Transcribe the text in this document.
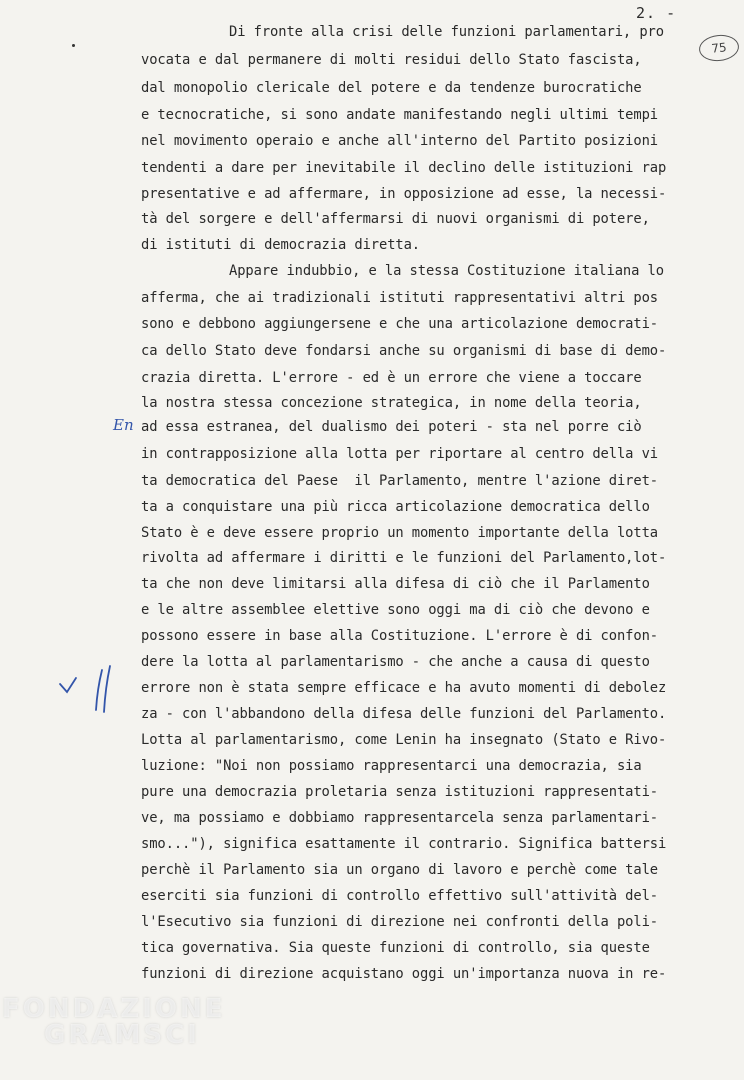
2. -
75
En
Di fronte alla crisi delle funzioni parlamentari, pro
vocata e dal permanere di molti residui dello Stato fascista,
dal monopolio clericale del potere e da tendenze burocratiche
e tecnocratiche, si sono andate manifestando negli ultimi tempi
nel movimento operaio e anche all'interno del Partito posizioni
tendenti a dare per inevitabile il declino delle istituzioni rap
presentative e ad affermare, in opposizione ad esse, la necessi-
tà del sorgere e dell'affermarsi di nuovi organismi di potere,
di istituti di democrazia diretta.
Appare indubbio, e la stessa Costituzione italiana lo
afferma, che ai tradizionali istituti rappresentativi altri pos
sono e debbono aggiungersene e che una articolazione democrati-
ca dello Stato deve fondarsi anche su organismi di base di demo-
crazia diretta. L'errore - ed è un errore che viene a toccare
la nostra stessa concezione strategica, in nome della teoria,
ad essa estranea, del dualismo dei poteri - sta nel porre ciò
in contrapposizione alla lotta per riportare al centro della vi
ta democratica del Paese  il Parlamento, mentre l'azione diret-
ta a conquistare una più ricca articolazione democratica dello
Stato è e deve essere proprio un momento importante della lotta
rivolta ad affermare i diritti e le funzioni del Parlamento,lot-
ta che non deve limitarsi alla difesa di ciò che il Parlamento
e le altre assemblee elettive sono oggi ma di ciò che devono e
possono essere in base alla Costituzione. L'errore è di confon-
dere la lotta al parlamentarismo - che anche a causa di questo
errore non è stata sempre efficace e ha avuto momenti di debolez
za - con l'abbandono della difesa delle funzioni del Parlamento.
Lotta al parlamentarismo, come Lenin ha insegnato (Stato e Rivo-
luzione: "Noi non possiamo rappresentarci una democrazia, sia
pure una democrazia proletaria senza istituzioni rappresentati-
ve, ma possiamo e dobbiamo rappresentarcela senza parlamentari-
smo..."), significa esattamente il contrario. Significa battersi
perchè il Parlamento sia un organo di lavoro e perchè come tale
eserciti sia funzioni di controllo effettivo sull'attività del-
l'Esecutivo sia funzioni di direzione nei confronti della poli-
tica governativa. Sia queste funzioni di controllo, sia queste
funzioni di direzione acquistano oggi un'importanza nuova in re-
FONDAZIONE
GRAMSCI
